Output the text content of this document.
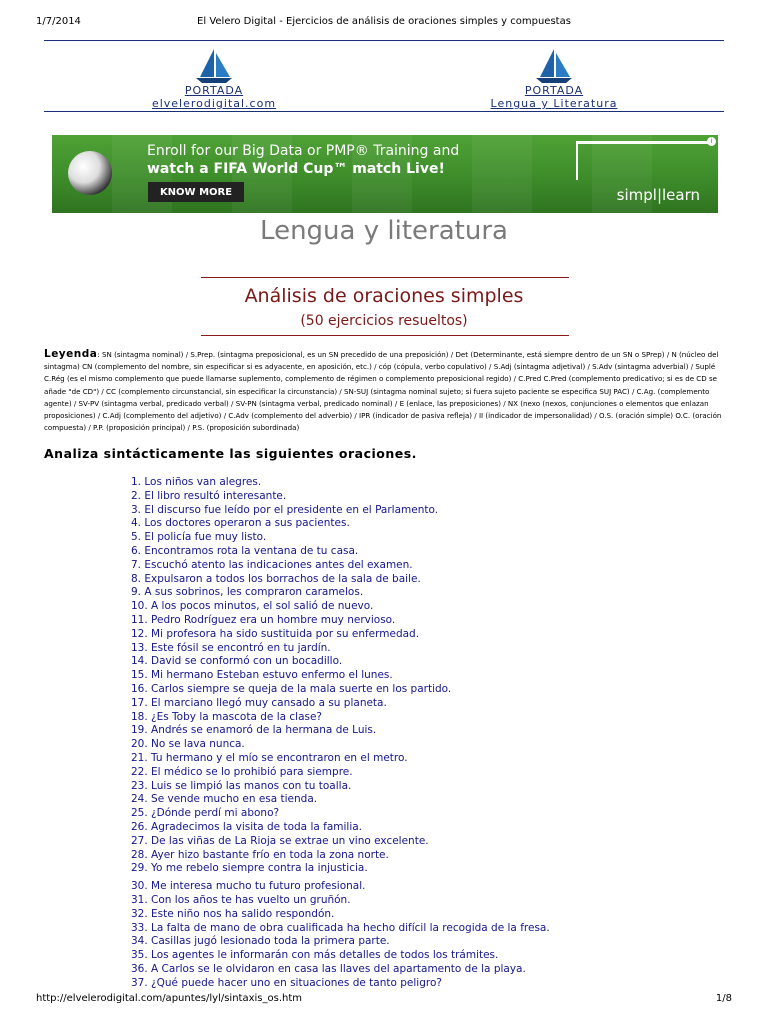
1/7/2014	El Velero Digital - Ejercicios de análisis de oraciones simples y compuestas
PORTADA
elvelerodigital.com
PORTADA
Lengua y Literatura
i
Enroll for our Big Data or PMP® Training and
watch a FIFA World Cup™ match Live!
KNOW MORE	simpl|learn
Lengua y literatura
Análisis de oraciones simples
(50 ejercicios resueltos)
Leyenda: SN (sintagma nominal) / S.Prep. (sintagma preposicional, es un SN precedido de una preposición) / Det (Determinante, está siempre dentro de un SN o SPrep) / N (núcleo del sintagma) CN (complemento del nombre, sin especificar si es adyacente, en aposición, etc.) / cóp (cópula, verbo copulativo) / S.Adj (sintagma adjetival) / S.Adv (sintagma adverbial) / Suplé C.Rég (es el mismo complemento que puede llamarse suplemento, complemento de régimen o complemento preposicional regido) / C.Pred C.Pred (complemento predicativo; si es de CD se añade "de CD") / CC (complemento circunstancial, sin especificar la circunstancia) / SN-SUJ (sintagma nominal sujeto; si fuera sujeto paciente se especifica SUJ PAC) / C.Ag. (complemento agente) / SV-PV (sintagma verbal, predicado verbal) / SV-PN (sintagma verbal, predicado nominal) / E (enlace, las preposiciones) / NX (nexo (nexos, conjunciones o elementos que enlazan proposiciones) / C.Adj (complemento del adjetivo) / C.Adv (complemento del adverbio) / IPR (indicador de pasiva refleja) / II (indicador de impersonalidad) / O.S. (oración simple) O.C. (oración compuesta) / P.P. (proposición principal) / P.S. (proposición subordinada)
Analiza sintácticamente las siguientes oraciones.
1. Los niños van alegres.
2. El libro resultó interesante.
3. El discurso fue leído por el presidente en el Parlamento.
4. Los doctores operaron a sus pacientes.
5. El policía fue muy listo.
6. Encontramos rota la ventana de tu casa.
7. Escuchó atento las indicaciones antes del examen.
8. Expulsaron a todos los borrachos de la sala de baile.
9. A sus sobrinos, les compraron caramelos.
10. A los pocos minutos, el sol salió de nuevo.
11. Pedro Rodríguez era un hombre muy nervioso.
12. Mi profesora ha sido sustituida por su enfermedad.
13. Este fósil se encontró en tu jardín.
14. David se conformó con un bocadillo.
15. Mi hermano Esteban estuvo enfermo el lunes.
16. Carlos siempre se queja de la mala suerte en los partido.
17. El marciano llegó muy cansado a su planeta.
18. ¿Es Toby la mascota de la clase?
19. Andrés se enamoró de la hermana de Luis.
20. No se lava nunca.
21. Tu hermano y el mío se encontraron en el metro.
22. El médico se lo prohibió para siempre.
23. Luis se limpió las manos con tu toalla.
24. Se vende mucho en esa tienda.
25. ¿Dónde perdí mi abono?
26. Agradecimos la visita de toda la familia.
27. De las viñas de La Rioja se extrae un vino excelente.
28. Ayer hizo bastante frío en toda la zona norte.
29. Yo me rebelo siempre contra la injusticia.
30. Me interesa mucho tu futuro profesional.
31. Con los años te has vuelto un gruñón.
32. Este niño nos ha salido respondón.
33. La falta de mano de obra cualificada ha hecho difícil la recogida de la fresa.
34. Casillas jugó lesionado toda la primera parte.
35. Los agentes le informarán con más detalles de todos los trámites.
36. A Carlos se le olvidaron en casa las llaves del apartamento de la playa.
37. ¿Qué puede hacer uno en situaciones de tanto peligro?
http://elvelerodigital.com/apuntes/lyl/sintaxis_os.htm	1/8
